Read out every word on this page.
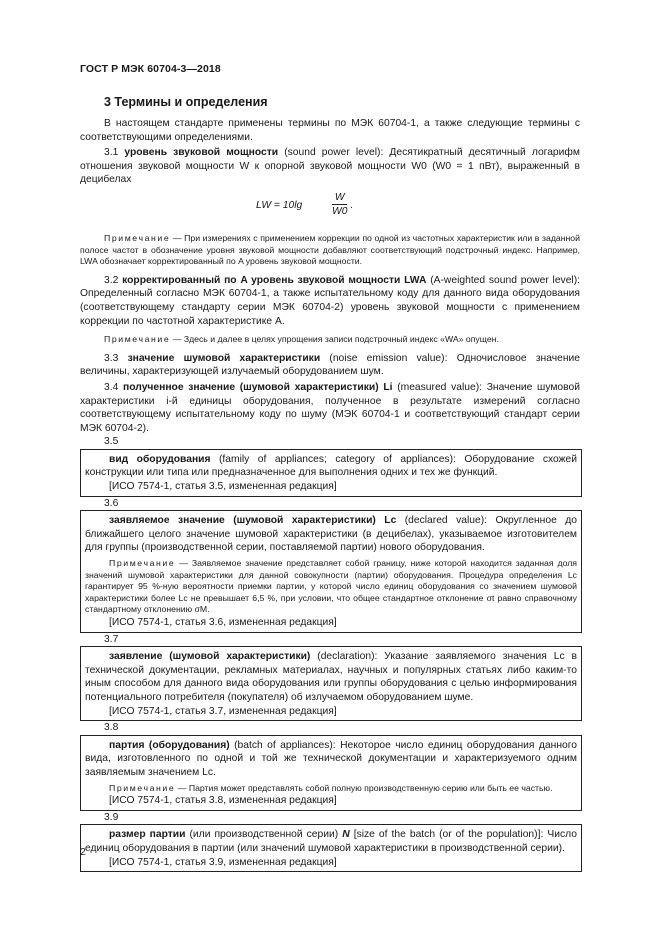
ГОСТ Р МЭК 60704-3—2018
3 Термины и определения

В настоящем стандарте применены термины по МЭК 60704-1, а также следующие термины с соответствующими определениями.

3.1 уровень звуковой мощности (sound power level): Десятикратный десятичный логарифм отношения звуковой мощности W к опорной звуковой мощности W0 (W0 = 1 пВт), выраженный в децибелах

LW = 10lg	$\frac{W}{W0}$ .

Примечание — При измерениях с применением коррекции по одной из частотных характеристик или в заданной полосе частот в обозначение уровня звуковой мощности добавляют соответствующий подстрочный индекс. Например, LWA обозначает корректированный по A уровень звуковой мощности.

3.2 корректированный по A уровень звуковой мощности LWA (A-weighted sound power level): Определенный согласно МЭК 60704-1, а также испытательному коду для данного вида оборудования (соответствующему стандарту серии МЭК 60704-2) уровень звуковой мощности с применением коррекции по частотной характеристике A.

Примечание — Здесь и далее в целях упрощения записи подстрочный индекс «WA» опущен.

3.3 значение шумовой характеристики (noise emission value): Одночисловое значение величины, характеризующей излучаемый оборудованием шум.

3.4 полученное значение (шумовой характеристики) Li (measured value): Значение шумовой характеристики i-й единицы оборудования, полученное в результате измерений согласно соответствующему испытательному коду по шуму (МЭК 60704-1 и соответствующий стандарт серии МЭК 60704-2).

3.5

вид оборудования (family of appliances; category of appliances): Оборудование схожей конструкции или типа или предназначенное для выполнения одних и тех же функций.

[ИСО 7574-1, статья 3.5, измененная редакция]
3.6

заявляемое значение (шумовой характеристики) Lc (declared value): Округленное до ближайшего целого значение шумовой характеристики (в децибелах), указываемое изготовителем для группы (производственной серии, поставляемой партии) нового оборудования.

Примечание — Заявляемое значение представляет собой границу, ниже которой находится заданная доля значений шумовой характеристики для данной совокупности (партии) оборудования. Процедура определения Lc гарантирует 95 %-ную вероятности приемки партии, у которой число единиц оборудования со значением шумовой характеристики более Lc не превышает 6,5 %, при условии, что общее стандартное отклонение σt равно справочному стандартному отклонению σM.

[ИСО 7574-1, статья 3.6, измененная редакция]
3.7

заявление (шумовой характеристики) (declaration): Указание заявляемого значения Lc в технической документации, рекламных материалах, научных и популярных статьях либо каким-то иным способом для данного вида оборудования или группы оборудования с целью информирования потенциального потребителя (покупателя) об излучаемом оборудованием шуме.

[ИСО 7574-1, статья 3.7, измененная редакция]
3.8

партия (оборудования) (batch of appliances): Некоторое число единиц оборудования данного вида, изготовленного по одной и той же технической документации и характеризуемого одним заявляемым значением Lc.

Примечание — Партия может представлять собой полную производственную серию или быть ее частью.

[ИСО 7574-1, статья 3.8, измененная редакция]
3.9

размер партии (или производственной серии) N [size of the batch (or of the population)]: Число единиц оборудования в партии (или значений шумовой характеристики в производственной серии).

[ИСО 7574-1, статья 3.9, измененная редакция]
2
